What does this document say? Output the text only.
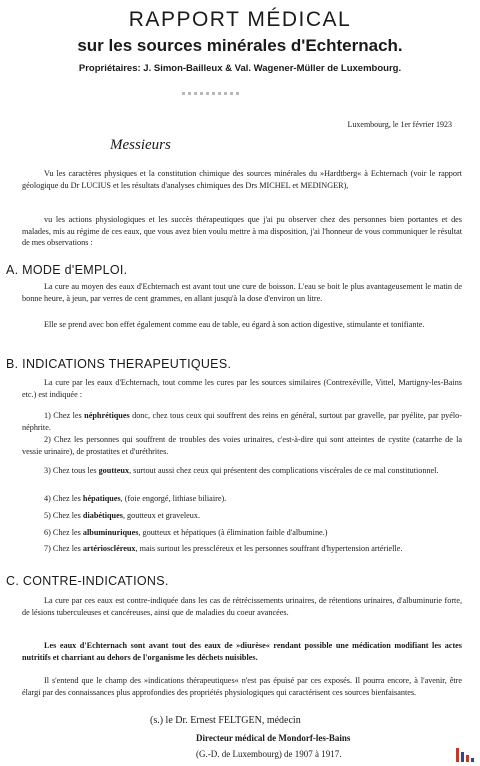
RAPPORT MÉDICAL
sur les sources minérales d'Echternach.
Propriétaires: J. Simon-Bailleux & Val. Wagener-Müller de Luxembourg.
Luxembourg, le 1er février 1923
Messieurs
Vu les caractères physiques et la constitution chimique des sources minérales du »Hardtberg« à Echternach (voir le rapport géologique du Dr LUCIUS et les résultats d'analyses chimiques des Drs MICHEL et MEDINGER),
vu les actions physiologiques et les succès thérapeutiques que j'ai pu observer chez des personnes bien portantes et des malades, mis au régime de ces eaux, que vous avez bien voulu mettre à ma disposition, j'ai l'honneur de vous communiquer le résultat de mes observations :
A. MODE d'EMPLOI.
La cure au moyen des eaux d'Echternach est avant tout une cure de boisson. L'eau se boit le plus avantageusement le matin de bonne heure, à jeun, par verres de cent grammes, en allant jusqu'à la dose d'environ un litre.
Elle se prend avec bon effet également comme eau de table, eu égard à son action digestive, stimulante et tonifiante.
B. INDICATIONS THERAPEUTIQUES.
La cure par les eaux d'Echternach, tout comme les cures par les sources similaires (Contrexéville, Vittel, Martigny-les-Bains etc.) est indiquée :
1) Chez les néphrétiques donc, chez tous ceux qui souffrent des reins en général, surtout par gravelle, par pyélite, par pyélo-néphrite.
2) Chez les personnes qui souffrent de troubles des voies urinaires, c'est-à-dire qui sont atteintes de cystite (catarrhe de la vessie urinaire), de prostatites et d'uréthrites.
3) Chez tous les goutteux, surtout aussi chez ceux qui présentent des complications viscérales de ce mal constitutionnel.
4) Chez les hépatiques, (foie engorgé, lithiase biliaire).
5) Chez les diabétiques, goutteux et graveleux.
6) Chez les albuminuriques, goutteux et hépatiques (à élimination faible d'albumine.)
7) Chez les artérioscléreux, mais surtout les presscléreux et les personnes souffrant d'hypertension artérielle.
C. CONTRE-INDICATIONS.
La cure par ces eaux est contre-indiquée dans les cas de rétrécissements urinaires, de rétentions urinaires, d'albuminurie forte, de lésions tuberculeuses et cancéreuses, ainsi que de maladies du coeur avancées.
Les eaux d'Echternach sont avant tout des eaux de »diurèse« rendant possible une médication modifiant les actes nutritifs et charriant au dehors de l'organisme les déchets nuisibles.
Il s'entend que le champ des »indications thérapeutiques« n'est pas épuisé par ces exposés. Il pourra encore, à l'avenir, être élargi par des connaissances plus approfondies des propriétés physiologiques qui caractérisent ces sources bienfaisantes.
(s.) le Dr. Ernest FELTGEN, médecin
Directeur médical de Mondorf-les-Bains
(G.-D. de Luxembourg) de 1907 à 1917.
